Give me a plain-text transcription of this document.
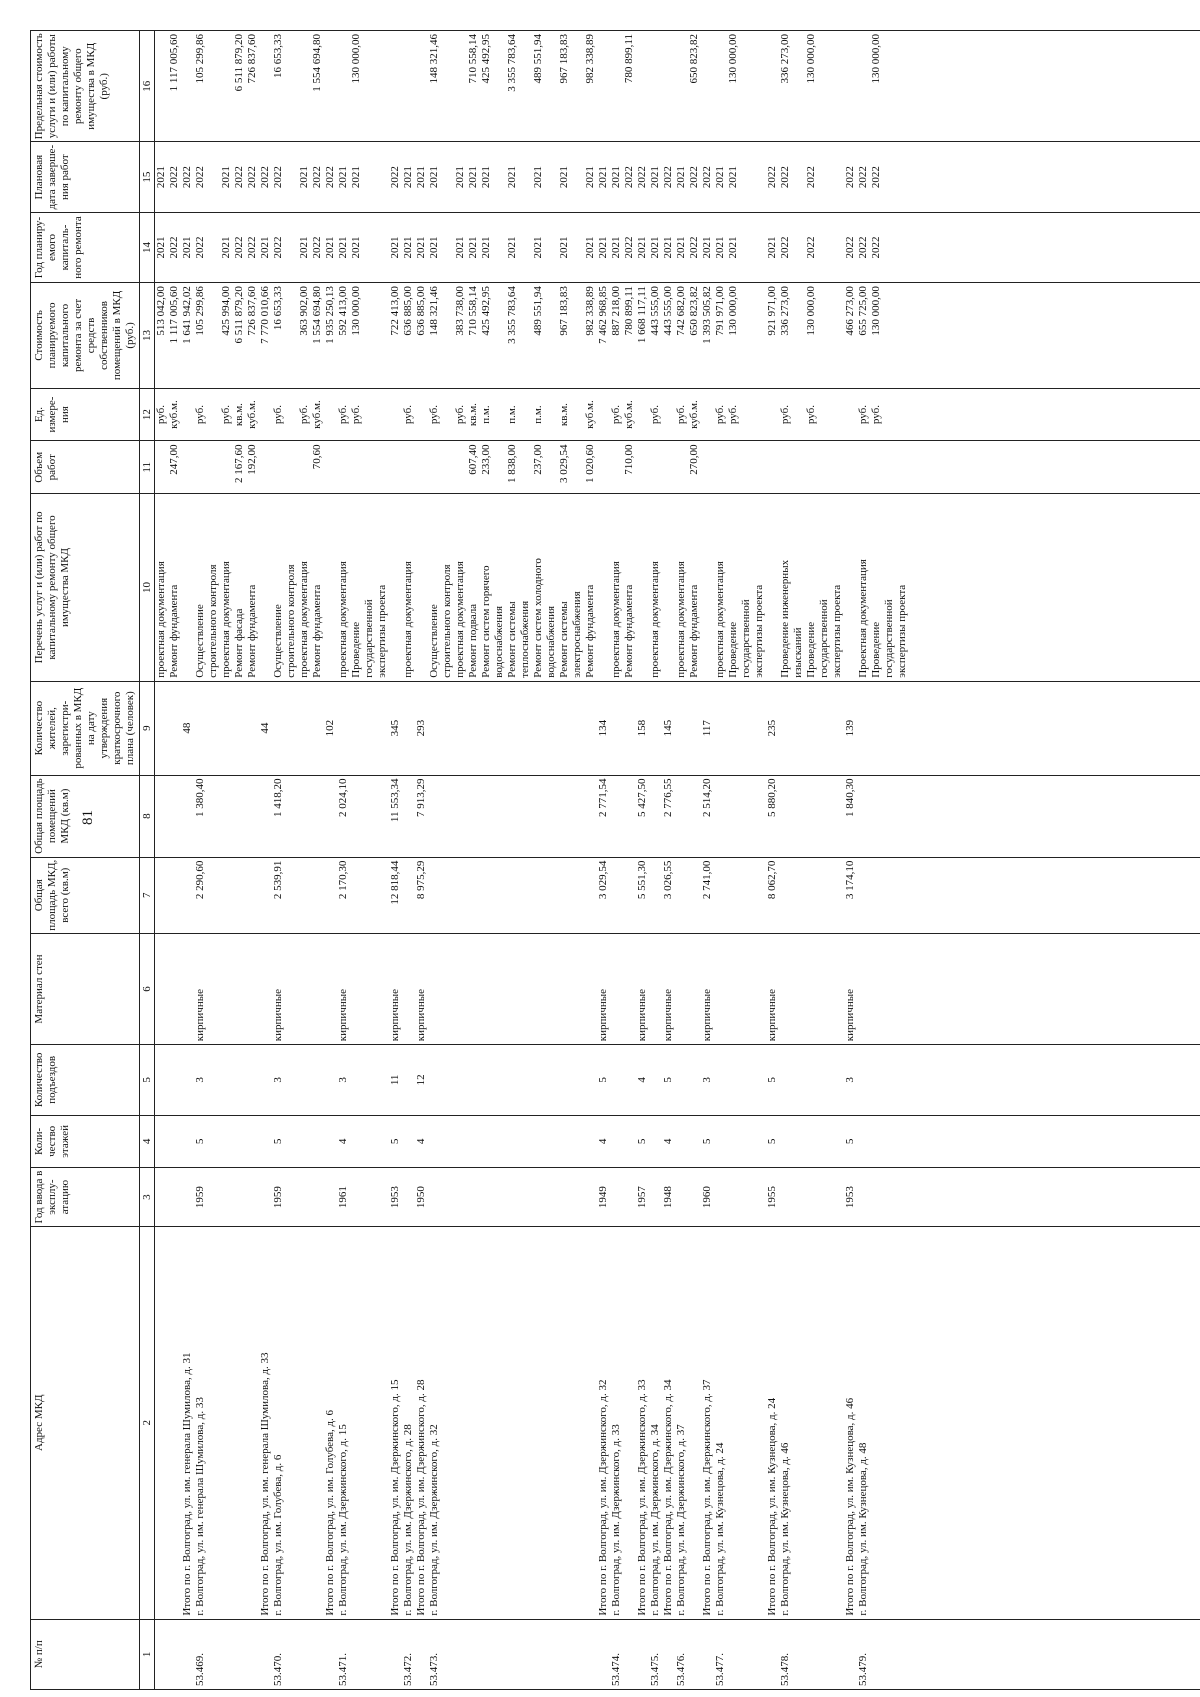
81
№ п/п	Адрес МКД	Год ввода в эксплу-атацию	Коли-чество этажей	Количество подъездов	Материал стен	Общая площадь МКД, всего (кв.м)	Общая площадь помещений МКД (кв.м)	Количество жителей, зарегистри-рованных в МКД на дату утверждения краткосрочного плана (человек)	Перечень услуг и (или) работ по капитальному ремонту общего имущества МКД	Объем работ	Ед. измере-ния	Стоимость планируемого капитального ремонта за счет средств собственников помещений в МКД (руб.)	Год планиру-емого капиталь-ного ремонта	Плановая дата заверше-ния работ	Предельная стоимость услуги и (или) работы по капитальному ремонту общего имущества в МКД (руб.)
1	2	3	4	5	6	7	8	9	10	11	12	13	14	15	16
									проектная документация		руб.	513 042,00	2021	2021	
									Ремонт фундамента	247,00	куб.м.	1 117 005,60	2022	2022	1 117 005,60
	Итого по г. Волгоград, ул. им. генерала Шумилова, д. 31							48				1 641 942,02	2021	2022	
53.469.	г. Волгоград, ул. им. генерала Шумилова, д. 33	1959	5	3	кирпичные	2 290,60	1 380,40		Осуществление		руб.	105 299,86	2022	2022	105 299,86
									строительного контроля						
									проектная документация		руб.	425 994,00	2021	2021	
									Ремонт фасада	2 167,60	кв.м.	6 511 879,20	2022	2022	6 511 879,20
									Ремонт фундамента	192,00	куб.м.	726 837,60	2022	2022	726 837,60
	Итого по г. Волгоград, ул. им. генерала Шумилова, д. 33							44				7 770 010,66	2021	2022	
53.470.	г. Волгоград, ул. им. Голубева, д. 6	1959	5	3	кирпичные	2 539,91	1 418,20		Осуществление		руб.	16 653,33	2022	2022	16 653,33
									строительного контроля						
									проектная документация		руб.	363 902,00	2021	2021	
									Ремонт фундамента	70,60	куб.м.	1 554 694,80	2022	2022	1 554 694,80
	Итого по г. Волгоград, ул. им. Голубева, д. 6							102				1 935 250,13	2021	2022	
53.471.	г. Волгоград, ул. им. Дзержинского, д. 15	1961	4	3	кирпичные	2 170,30	2 024,10		проектная документация		руб.	592 413,00	2021	2021	
									Проведение		руб.	130 000,00	2021	2021	130 000,00
									государственной						
									экспертизы проекта						
	Итого по г. Волгоград, ул. им. Дзержинского, д. 15	1953	5	11	кирпичные	12 818,44	11 553,34	345				722 413,00	2021	2022	
53.472.	г. Волгоград, ул. им. Дзержинского, д. 28								проектная документация		руб.	636 885,00	2021	2021	
	Итого по г. Волгоград, ул. им. Дзержинского, д. 28	1950	4	12	кирпичные	8 975,29	7 913,29	293				636 885,00	2021	2021	
53.473.	г. Волгоград, ул. им. Дзержинского, д. 32								Осуществление		руб.	148 321,46	2021	2021	148 321,46
									строительного контроля						
									проектная документация		руб.	383 738,00	2021	2021	
									Ремонт подвала	607,40	кв.м.	710 558,14	2021	2021	710 558,14
									Ремонт систем горячего	233,00	п.м.	425 492,95	2021	2021	425 492,95
									водоснабжения						
									Ремонт системы	1 838,00	п.м.	3 355 783,64	2021	2021	3 355 783,64
									теплоснабжения						
									Ремонт систем холодного	237,00	п.м.	489 551,94	2021	2021	489 551,94
									водоснабжения						
									Ремонт системы	3 029,54	кв.м.	967 183,83	2021	2021	967 183,83
									электроснабжения						
									Ремонт фундамента	1 020,60	куб.м.	982 338,89	2021	2021	982 338,89
	Итого по г. Волгоград, ул. им. Дзержинского, д. 32	1949	4	5	кирпичные	3 029,54	2 771,54	134				7 462 968,85	2021	2021	
53.474.	г. Волгоград, ул. им. Дзержинского, д. 33								проектная документация		руб.	887 218,00	2021	2021	
									Ремонт фундамента	710,00	куб.м.	780 899,11	2022	2022	780 899,11
	Итого по г. Волгоград, ул. им. Дзержинского, д. 33	1957	5	4	кирпичные	5 551,30	5 427,50	158				1 668 117,11	2021	2022	
53.475.	г. Волгоград, ул. им. Дзержинского, д. 34								проектная документация		руб.	443 555,00	2021	2021	
	Итого по г. Волгоград, ул. им. Дзержинского, д. 34	1948	4	5	кирпичные	3 026,55	2 776,55	145				443 555,00	2021	2022	
53.476.	г. Волгоград, ул. им. Дзержинского, д. 37								проектная документация		руб.	742 682,00	2021	2021	
									Ремонт фундамента	270,00	куб.м.	650 823,82	2022	2022	650 823,82
	Итого по г. Волгоград, ул. им. Дзержинского, д. 37	1960	5	3	кирпичные	2 741,00	2 514,20	117				1 393 505,82	2021	2022	
53.477.	г. Волгоград, ул. им. Кузнецова, д. 24								проектная документация		руб.	791 971,00	2021	2021	
									Проведение		руб.	130 000,00	2021	2021	130 000,00
									государственной						
									экспертизы проекта						
	Итого по г. Волгоград, ул. им. Кузнецова, д. 24	1955	5	5	кирпичные	8 062,70	5 880,20	235				921 971,00	2021	2022	
53.478.	г. Волгоград, ул. им. Кузнецова, д. 46								Проведение инженерных		руб.	336 273,00	2022	2022	336 273,00
									изысканий						
									Проведение		руб.	130 000,00	2022	2022	130 000,00
									государственной						
									экспертизы проекта						
	Итого по г. Волгоград, ул. им. Кузнецова, д. 46	1953	5	3	кирпичные	3 174,10	1 840,30	139				466 273,00	2022	2022	
53.479.	г. Волгоград, ул. им. Кузнецова, д. 48								Проектная документация		руб.	655 725,00	2022	2022	
									Проведение		руб.	130 000,00	2022	2022	130 000,00
									государственной						
									экспертизы проекта						
